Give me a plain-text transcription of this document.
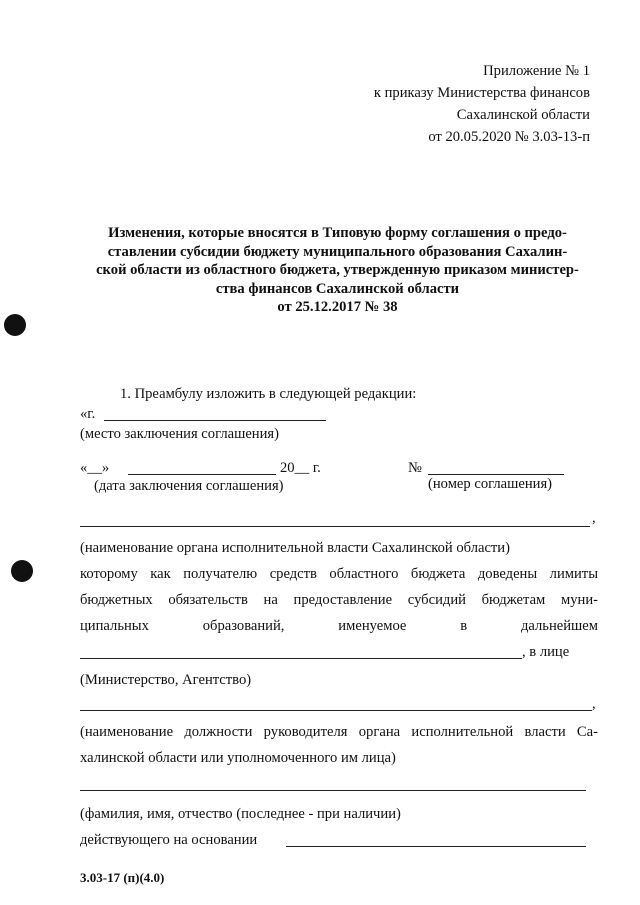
Приложение № 1
к приказу Министерства финансов
Сахалинской области
от 20.05.2020 № 3.03-13-п
Изменения, которые вносятся в Типовую форму соглашения о предо-
ставлении субсидии бюджету муниципального образования Сахалин-
ской области из областного бюджета, утвержденную приказом министер-
ства финансов Сахалинской области
от 25.12.2017 № 38
1. Преамбулу изложить в следующей редакции:
«г.
(место заключения соглашения)
«__»	20__ г.	№
(дата заключения соглашения)	(номер соглашения)
,
(наименование органа исполнительной власти Сахалинской области)
которому как получателю средств областного бюджета доведены лимиты
бюджетных обязательств на предоставление субсидий бюджетам муни-
ципальных образований, именуемое в дальнейшем
, в лице
(Министерство, Агентство)
,
(наименование должности руководителя органа исполнительной власти Са-
халинской области или уполномоченного им лица)
(фамилия, имя, отчество (последнее - при наличии)
действующего на основании
3.03-17 (п)(4.0)
